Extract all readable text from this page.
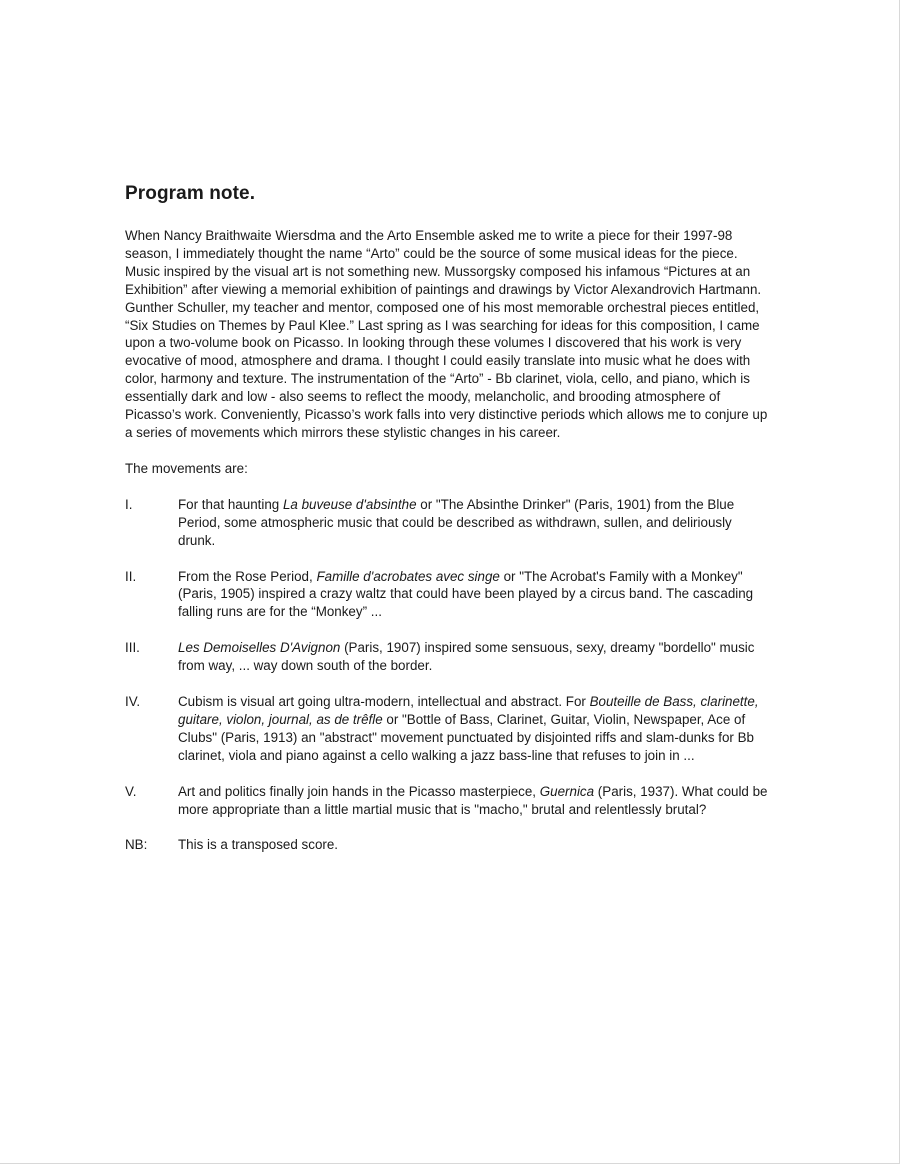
Program note.

When Nancy Braithwaite Wiersdma and the Arto Ensemble asked me to write a piece for their 1997-98 season, I immediately thought the name “Arto” could be the source of some musical ideas for the piece. Music inspired by the visual art is not something new. Mussorgsky composed his infamous “Pictures at an Exhibition” after viewing a memorial exhibition of paintings and drawings by Victor Alexandrovich Hartmann. Gunther Schuller, my teacher and mentor, composed one of his most memorable orchestral pieces entitled, “Six Studies on Themes by Paul Klee.” Last spring as I was searching for ideas for this composition, I came upon a two-volume book on Picasso. In looking through these volumes I discovered that his work is very evocative of mood, atmosphere and drama. I thought I could easily translate into music what he does with color, harmony and texture. The instrumentation of the “Arto” - Bb clarinet, viola, cello, and piano, which is essentially dark and low - also seems to reflect the moody, melancholic, and brooding atmosphere of Picasso’s work. Conveniently, Picasso’s work falls into very distinctive periods which allows me to conjure up a series of movements which mirrors these stylistic changes in his career.

The movements are:

I.	For that haunting La buveuse d'absinthe or "The Absinthe Drinker" (Paris, 1901) from the Blue Period, some atmospheric music that could be described as withdrawn, sullen, and deliriously drunk.
II.	From the Rose Period, Famille d'acrobates avec singe or "The Acrobat's Family with a Monkey" (Paris, 1905) inspired a crazy waltz that could have been played by a circus band. The cascading falling runs are for the “Monkey” ...
III.	Les Demoiselles D'Avignon (Paris, 1907) inspired some sensuous, sexy, dreamy "bordello" music from way, ... way down south of the border.
IV.	Cubism is visual art going ultra-modern, intellectual and abstract. For Bouteille de Bass, clarinette, guitare, violon, journal, as de trêfle or "Bottle of Bass, Clarinet, Guitar, Violin, Newspaper, Ace of Clubs" (Paris, 1913) an "abstract" movement punctuated by disjointed riffs and slam-dunks for Bb clarinet, viola and piano against a cello walking a jazz bass-line that refuses to join in ...
V.	Art and politics finally join hands in the Picasso masterpiece, Guernica (Paris, 1937). What could be more appropriate than a little martial music that is "macho," brutal and relentlessly brutal?
NB:	This is a transposed score.
